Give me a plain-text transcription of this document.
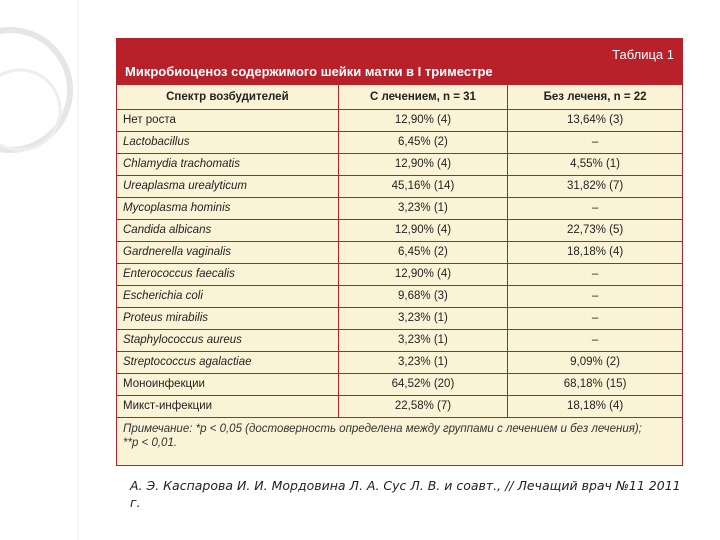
Таблица 1
Микробиоценоз содержимого шейки матки в I триместре
Спектр возбудителей	С лечением, n = 31	Без леченя, n = 22
Нет роста	12,90% (4)	13,64% (3)
Lactobacillus	6,45% (2)	–
Chlamydia trachomatis	12,90% (4)	4,55% (1)
Ureaplasma urealyticum	45,16% (14)	31,82% (7)
Mycoplasma hominis	3,23% (1)	–
Candida albicans	12,90% (4)	22,73% (5)
Gardnerella vaginalis	6,45% (2)	18,18% (4)
Enterococcus faecalis	12,90% (4)	–
Escherichia coli	9,68% (3)	–
Proteus mirabilis	3,23% (1)	–
Staphylococcus aureus	3,23% (1)	–
Streptococcus agalactiae	3,23% (1)	9,09% (2)
Моноинфекции	64,52% (20)	68,18% (15)
Микст-инфекции	22,58% (7)	18,18% (4)
Примечание: *p < 0,05 (достоверность определена между группами с лечением и без лечения);
**p < 0,01.
А. Э. Каспарова И. И. Мордовина Л. А. Сус Л. В. и соавт., // Лечащий врач №11 2011 г.
